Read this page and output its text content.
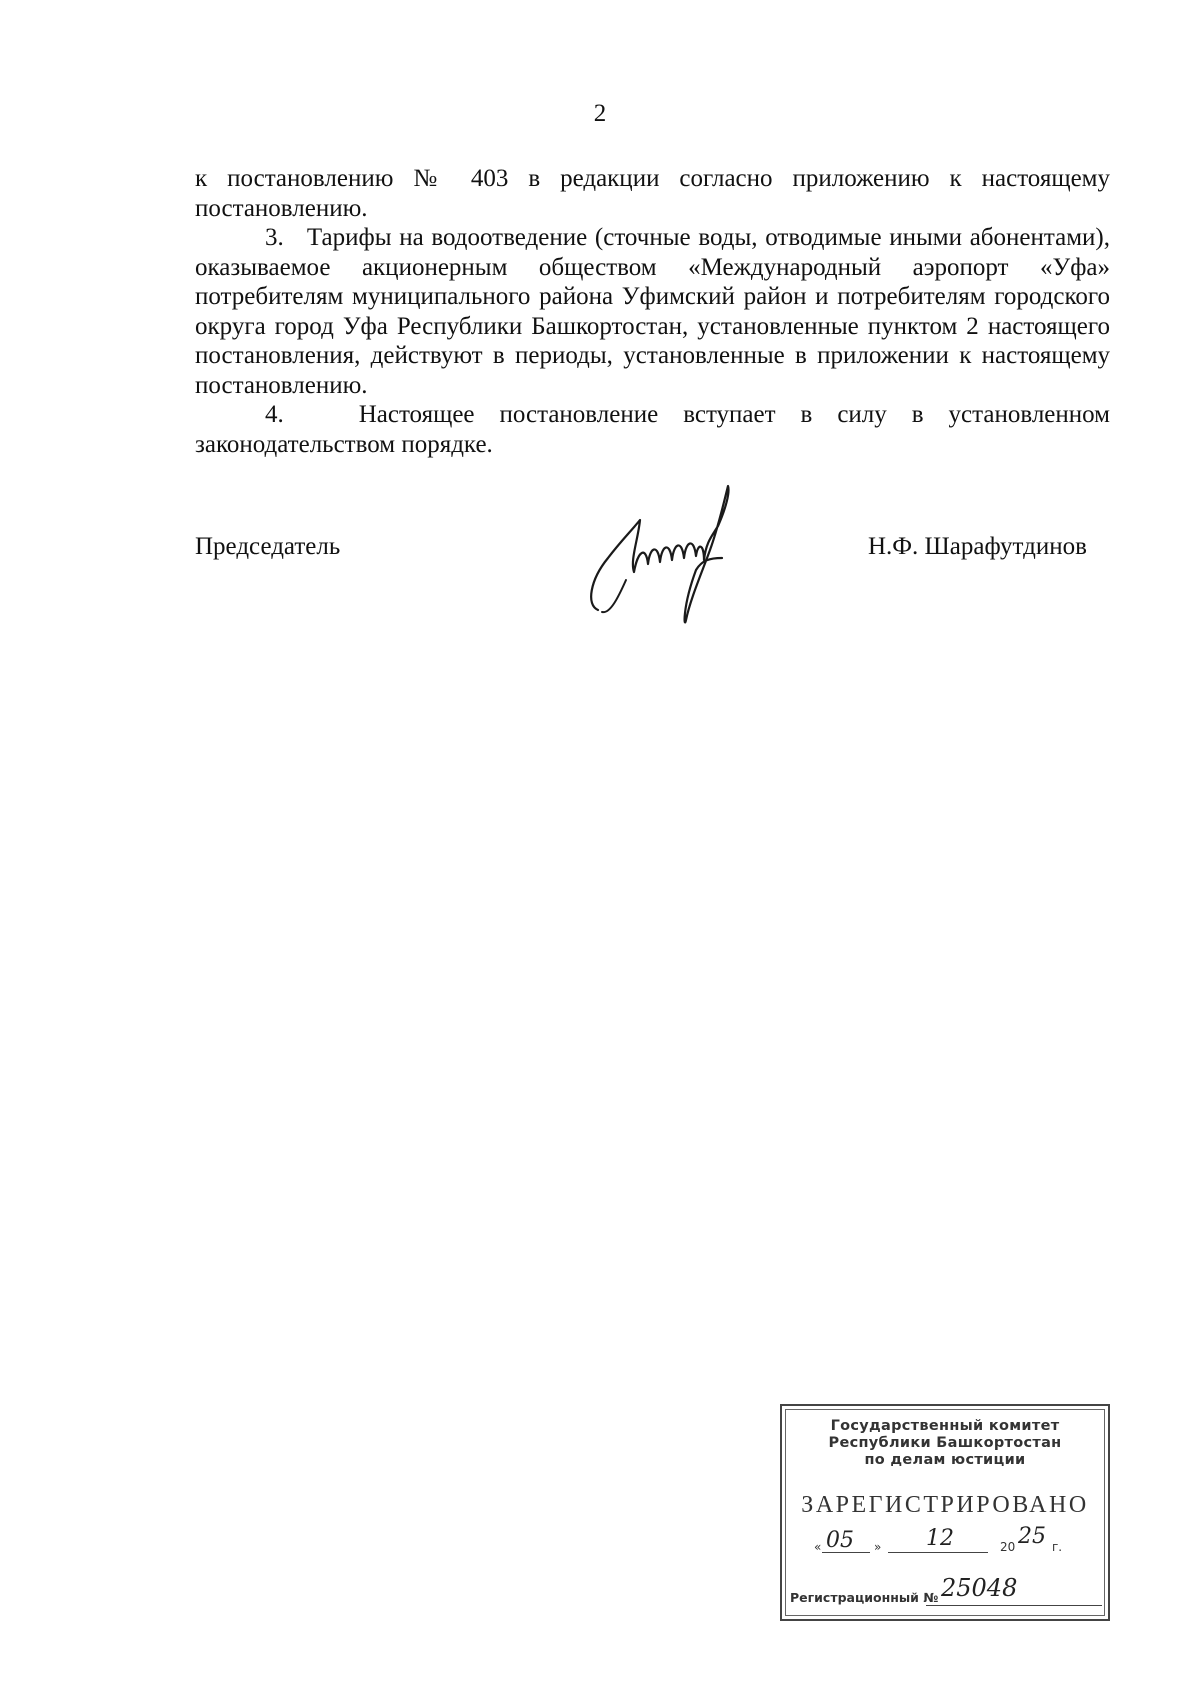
2

к постановлению № 403 в редакции согласно приложению к настоящему

постановлению.

3.   Тарифы на водоотведение (сточные воды, отводимые иными абонентами), оказываемое акционерным обществом «Международный аэропорт «Уфа» потребителям муниципального района Уфимский район и потребителям городского округа город Уфа Республики Башкортостан, установленные пунктом 2 настоящего постановления, действуют в периоды, установленные в приложении к настоящему постановлению.

4.   Настоящее постановление вступает в силу в установленном

законодательством порядке.

Председатель	Н.Ф. Шарафутдинов
Государственный комитет
Республики Башкортостан
по делам юстиции
ЗАРЕГИСТРИРОВАНО
« 05 » 12	20 25 г.
Регистрационный № 25048
